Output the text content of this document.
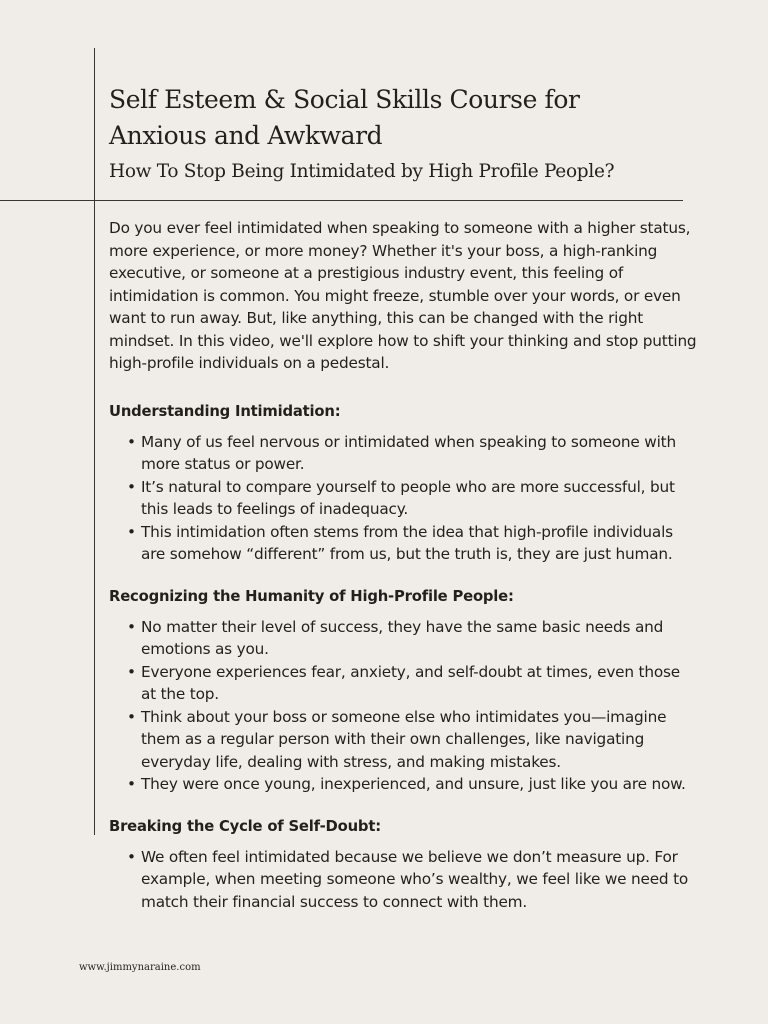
Self Esteem & Social Skills Course for
Anxious and Awkward
How To Stop Being Intimidated by High Profile People?

Do you ever feel intimidated when speaking to someone with a higher status, more experience, or more money? Whether it's your boss, a high-ranking executive, or someone at a prestigious industry event, this feeling of intimidation is common. You might freeze, stumble over your words, or even want to run away. But, like anything, this can be changed with the right mindset. In this video, we'll explore how to shift your thinking and stop putting high-profile individuals on a pedestal.

Understanding Intimidation:
• Many of us feel nervous or intimidated when speaking to someone with more status or power.
• It’s natural to compare yourself to people who are more successful, but this leads to feelings of inadequacy.
• This intimidation often stems from the idea that high-profile individuals are somehow “different” from us, but the truth is, they are just human.
Recognizing the Humanity of High-Profile People:
• No matter their level of success, they have the same basic needs and emotions as you.
• Everyone experiences fear, anxiety, and self-doubt at times, even those at the top.
• Think about your boss or someone else who intimidates you—imagine them as a regular person with their own challenges, like navigating everyday life, dealing with stress, and making mistakes.
• They were once young, inexperienced, and unsure, just like you are now.
Breaking the Cycle of Self-Doubt:
• We often feel intimidated because we believe we don’t measure up. For example, when meeting someone who’s wealthy, we feel like we need to match their financial success to connect with them.

www.jimmynaraine.com
